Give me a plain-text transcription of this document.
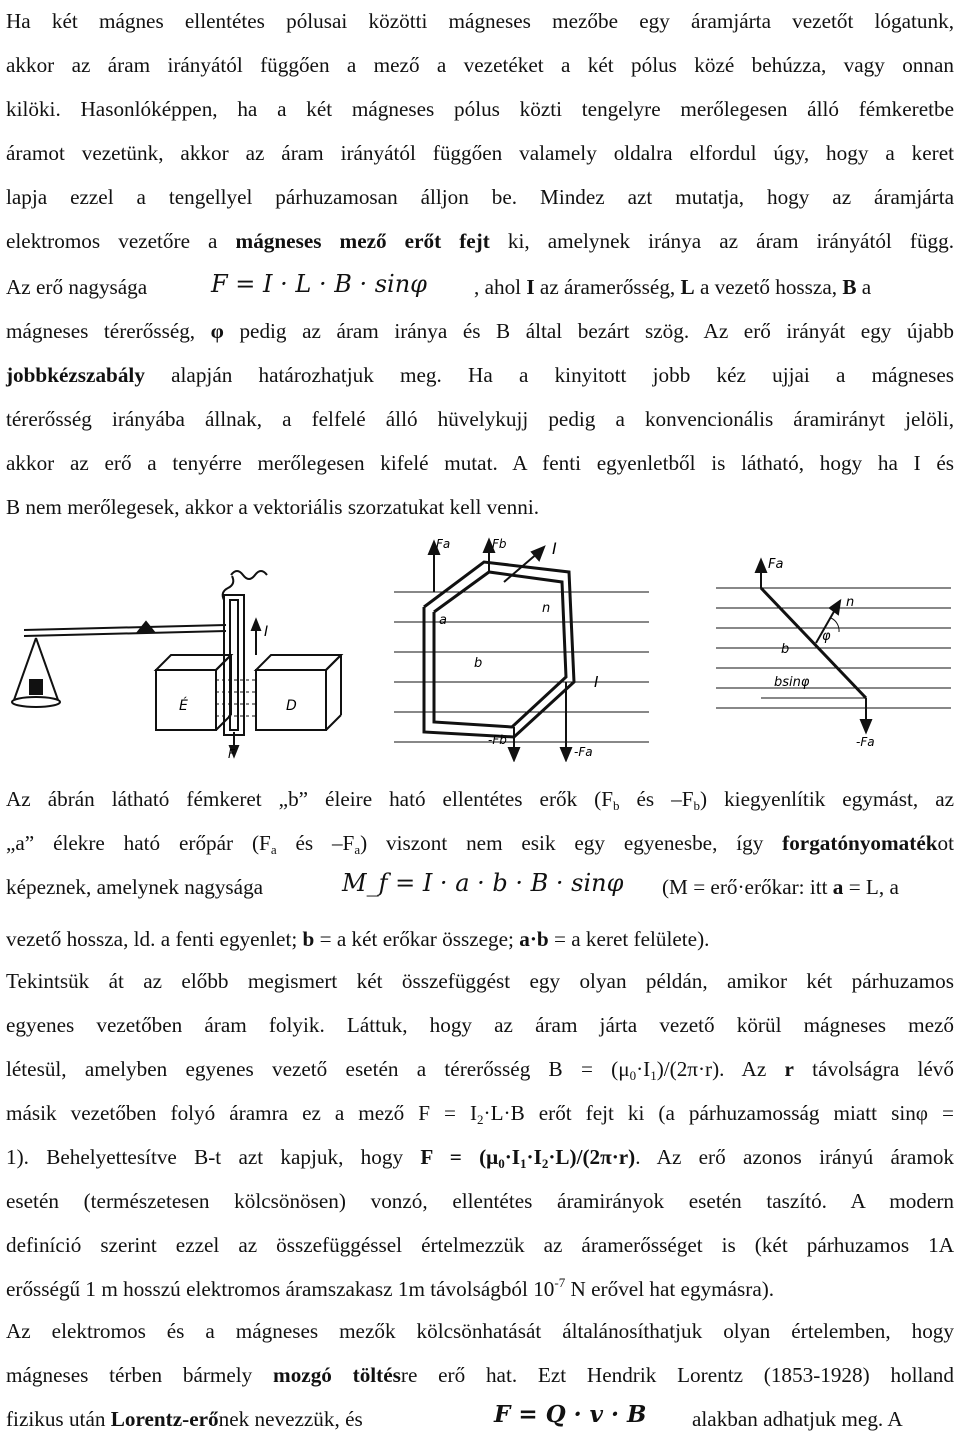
Ha két mágnes ellentétes pólusai közötti mágneses mezőbe egy áramjárta vezetőt lógatunk,
akkor az áram irányától függően a mező a vezetéket a két pólus közé behúzza, vagy onnan
kilöki. Hasonlóképpen, ha a két mágneses pólus közti tengelyre merőlegesen álló fémkeretbe
áramot vezetünk, akkor az áram irányától függően valamely oldalra elfordul úgy, hogy a keret
lapja ezzel a tengellyel párhuzamosan álljon be. Mindez azt mutatja, hogy az áramjárta
elektromos vezetőre a mágneses mező erőt fejt ki, amelynek iránya az áram irányától függ.
Az erő nagysága	F = I · L · B · sinφ	, ahol I az áramerősség, L a vezető hossza, B a
mágneses térerősség, φ pedig az áram iránya és B által bezárt szög. Az erő irányát egy újabb
jobbkézszabály alapján határozhatjuk meg. Ha a kinyitott jobb kéz ujjai a mágneses
térerősség irányába állnak, a felfelé álló hüvelykujj pedig a konvencionális áramirányt jelöli,
akkor az erő a tenyérre merőlegesen kifelé mutat. A fenti egyenletből is látható, hogy ha I és
B nem merőlegesek, akkor a vektoriális szorzatukat kell venni.
I
É	D
F
Fa	Fb	I
a
b
n
I
-Fb
-Fa
Fa
n
φ
b
bsinφ
-Fa
Az ábrán látható fémkeret „b” éleire ható ellentétes erők ($F_b$ és $-F_b$) kiegyenlítik egymást, az
„a” élekre ható erőpár ($F_a$ és $-F_a$) viszont nem esik egy egyenesbe, így forgatónyomatékot
képeznek, amelynek nagysága	M_f = I · a · b · B · sinφ	(M = erő·erőkar: itt a = L, a
vezető hossza, ld. a fenti egyenlet; b = a két erőkar összege; a·b = a keret felülete).
Tekintsük át az előbb megismert két összefüggést egy olyan példán, amikor két párhuzamos
egyenes vezetőben áram folyik. Láttuk, hogy az áram járta vezető körül mágneses mező
létesül, amelyben egyenes vezető esetén a térerősség $B = (\mu_0\cdot I_1)/(2\pi\cdot r)$. Az r távolságra lévő
másik vezetőben folyó áramra ez a mező $F = I_2\cdot L\cdot B$ erőt fejt ki (a párhuzamosság miatt sinφ =
1). Behelyettesítve B-t azt kapjuk, hogy $F = (\mu_0\cdot I_1\cdot I_2\cdot L)/(2\pi\cdot r)$. Az erő azonos irányú áramok
esetén (természetesen kölcsönösen) vonzó, ellentétes áramirányok esetén taszító. A modern
definíció szerint ezzel az összefüggéssel értelmezzük az áramerősséget is (két párhuzamos 1A
erősségű 1 m hosszú elektromos áramszakasz 1m távolságból $10^{-7}$ N erővel hat egymásra).
Az elektromos és a mágneses mezők kölcsönhatását általánosíthatjuk olyan értelemben, hogy
mágneses térben bármely mozgó töltésre erő hat. Ezt Hendrik Lorentz (1853-1928) holland
fizikus után Lorentz-erőnek nevezzük, és	F = Q · v · B	alakban adhatjuk meg. A
